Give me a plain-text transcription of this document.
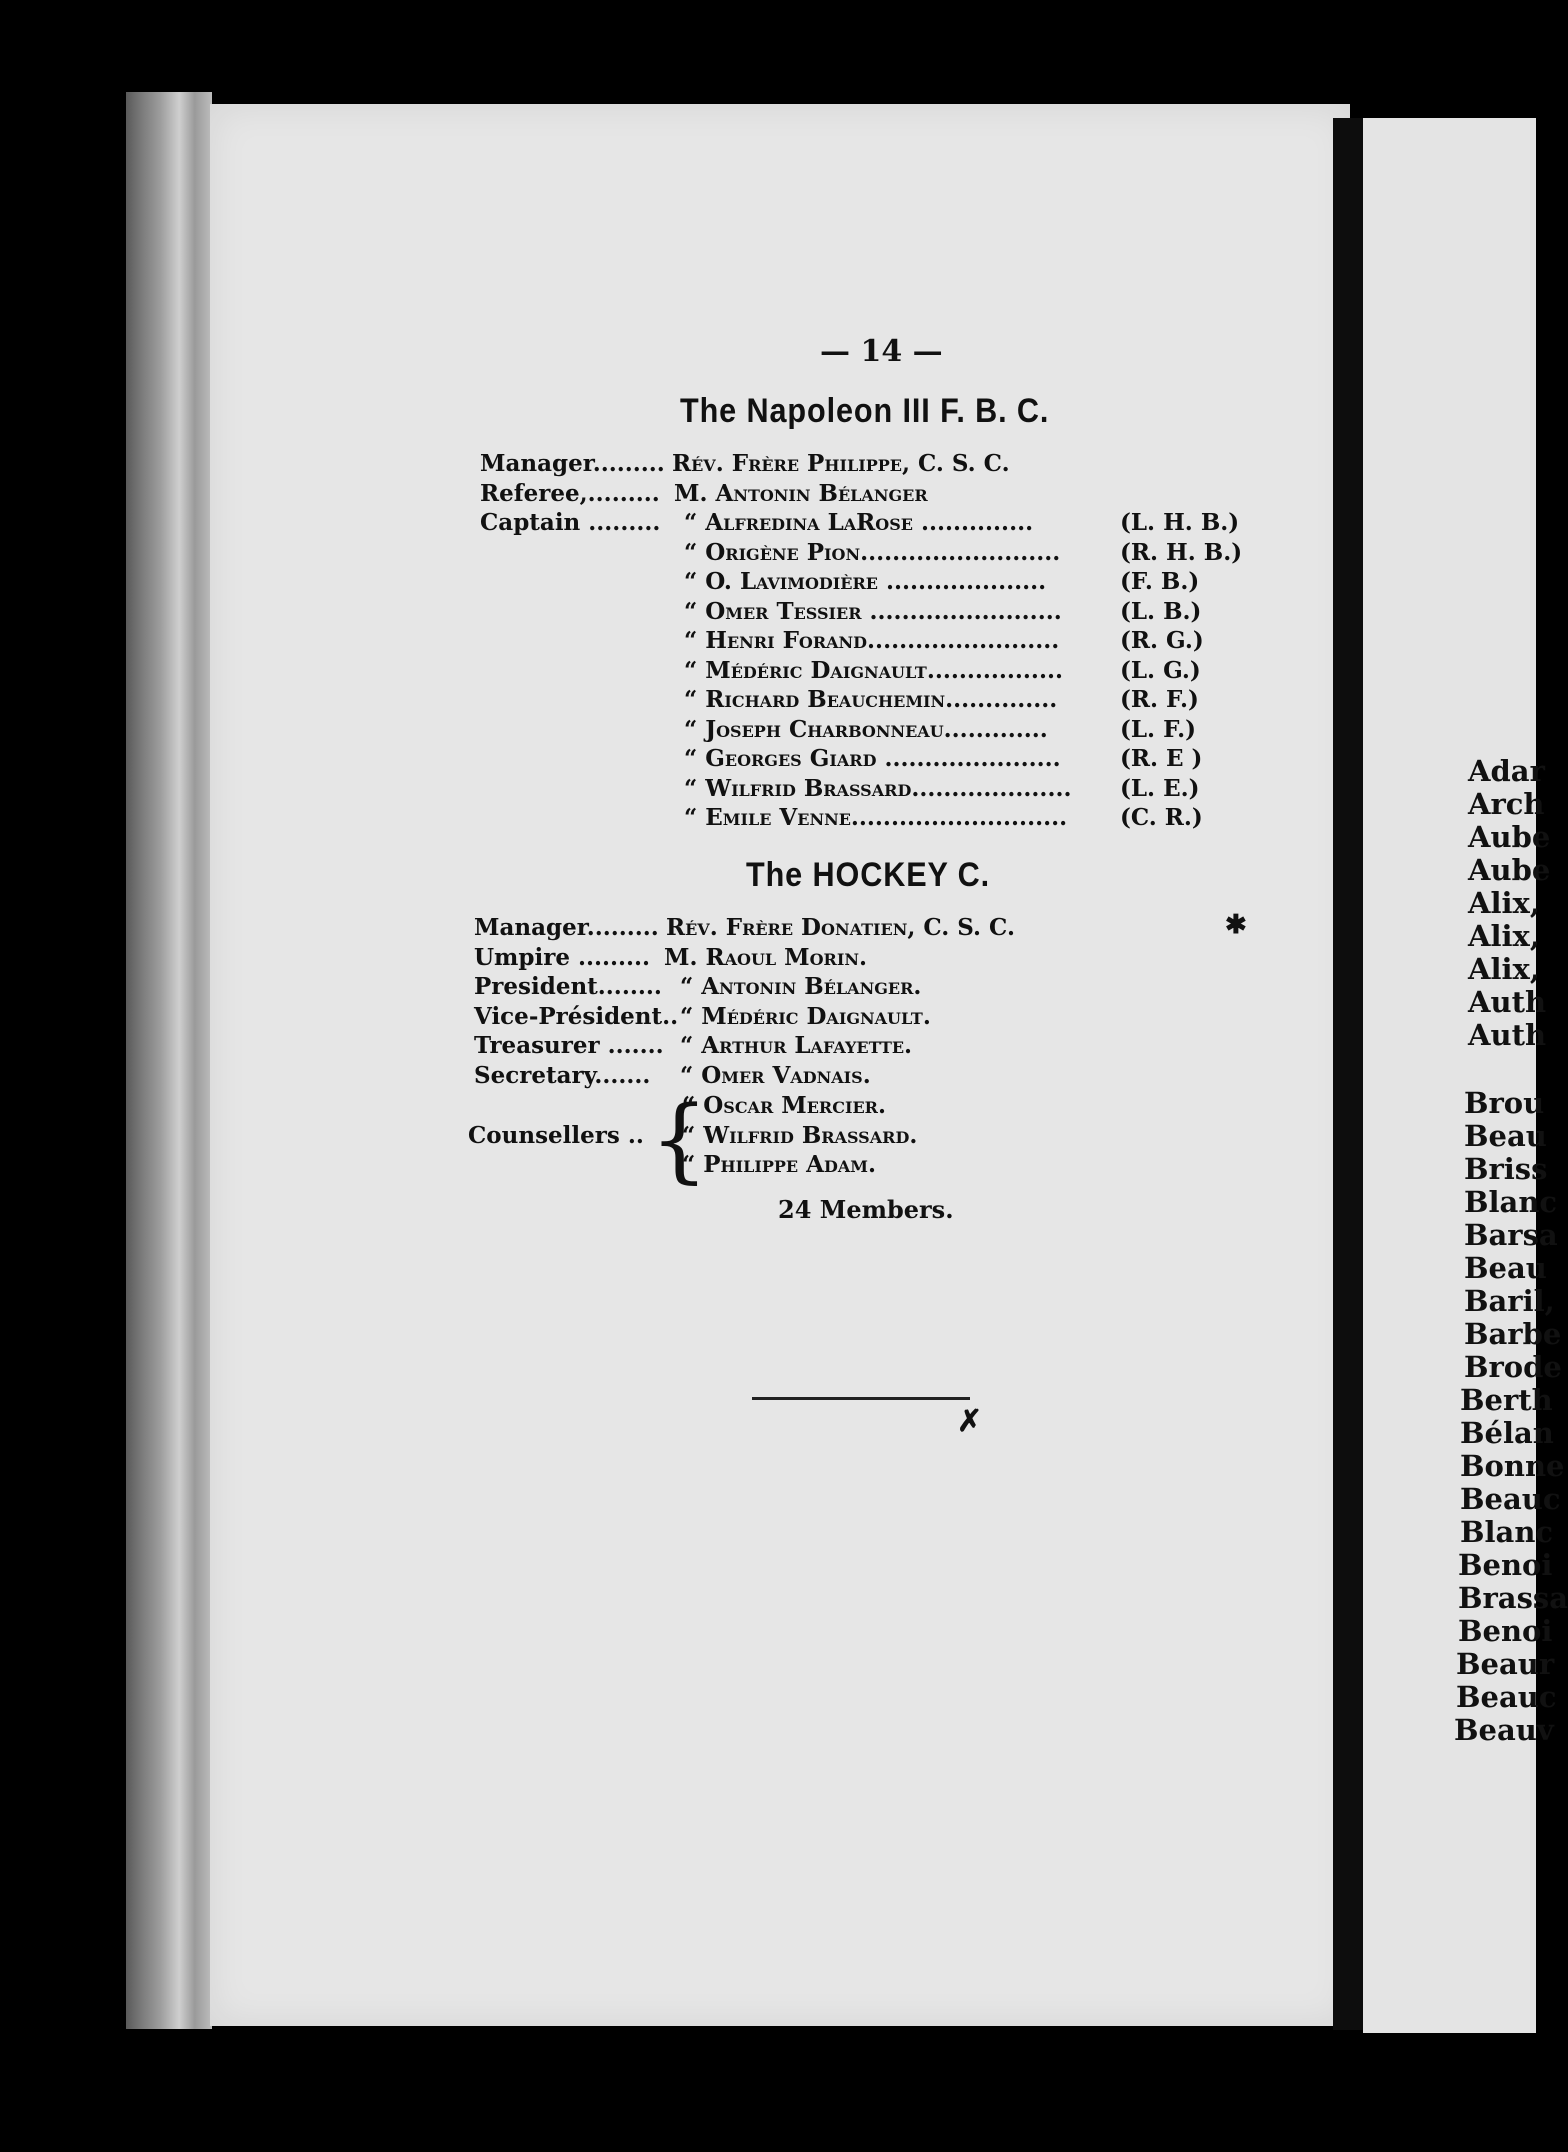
— 14 —
The Napoleon III F. B. C.
Manager......... Rév. Frère Philippe, C. S. C.
Referee,......... M. Antonin Bélanger
Captain ......... “ Alfredina LaRose ..............	(L. H. B.)
“ Origène Pion.........................	(R. H. B.)
“ O. Lavimodière ....................	(F. B.)
“ Omer Tessier ........................	(L. B.)
“ Henri Forand........................	(R. G.)
“ Médéric Daignault................. (L. G.)
“ Richard Beauchemin..............	(R. F.)
“ Joseph Charbonneau.............	(L. F.)
“ Georges Giard ......................	(R. E )
“ Wilfrid Brassard.................... (L. E.)
“ Emile Venne........................... (C. R.)
The HOCKEY C.
Manager......... Rév. Frère Donatien, C. S. C.
Umpire ......... M. Raoul Morin.
President........ “ Antonin Bélanger.
Vice-Président.. “ Médéric Daignault.
Treasurer ....... “ Arthur Lafayette.
Secretary....... “ Omer Vadnais.
Counsellers .. {
“ Oscar Mercier.
“ Wilfrid Brassard.
“ Philippe Adam.
24 Members.
✗
✱
Adar
Arch
Aube
Aube
Alix,
Alix,
Alix,
Auth
Auth
Brou
Beau
Briss
Blanc
Barsa
Beau
Baril,
Barbe
Brode
Berth
Bélan
Bonne
Beauc
Blanc
Benoi
Brassa
Benoi
Beaur
Beauc
Beauv
